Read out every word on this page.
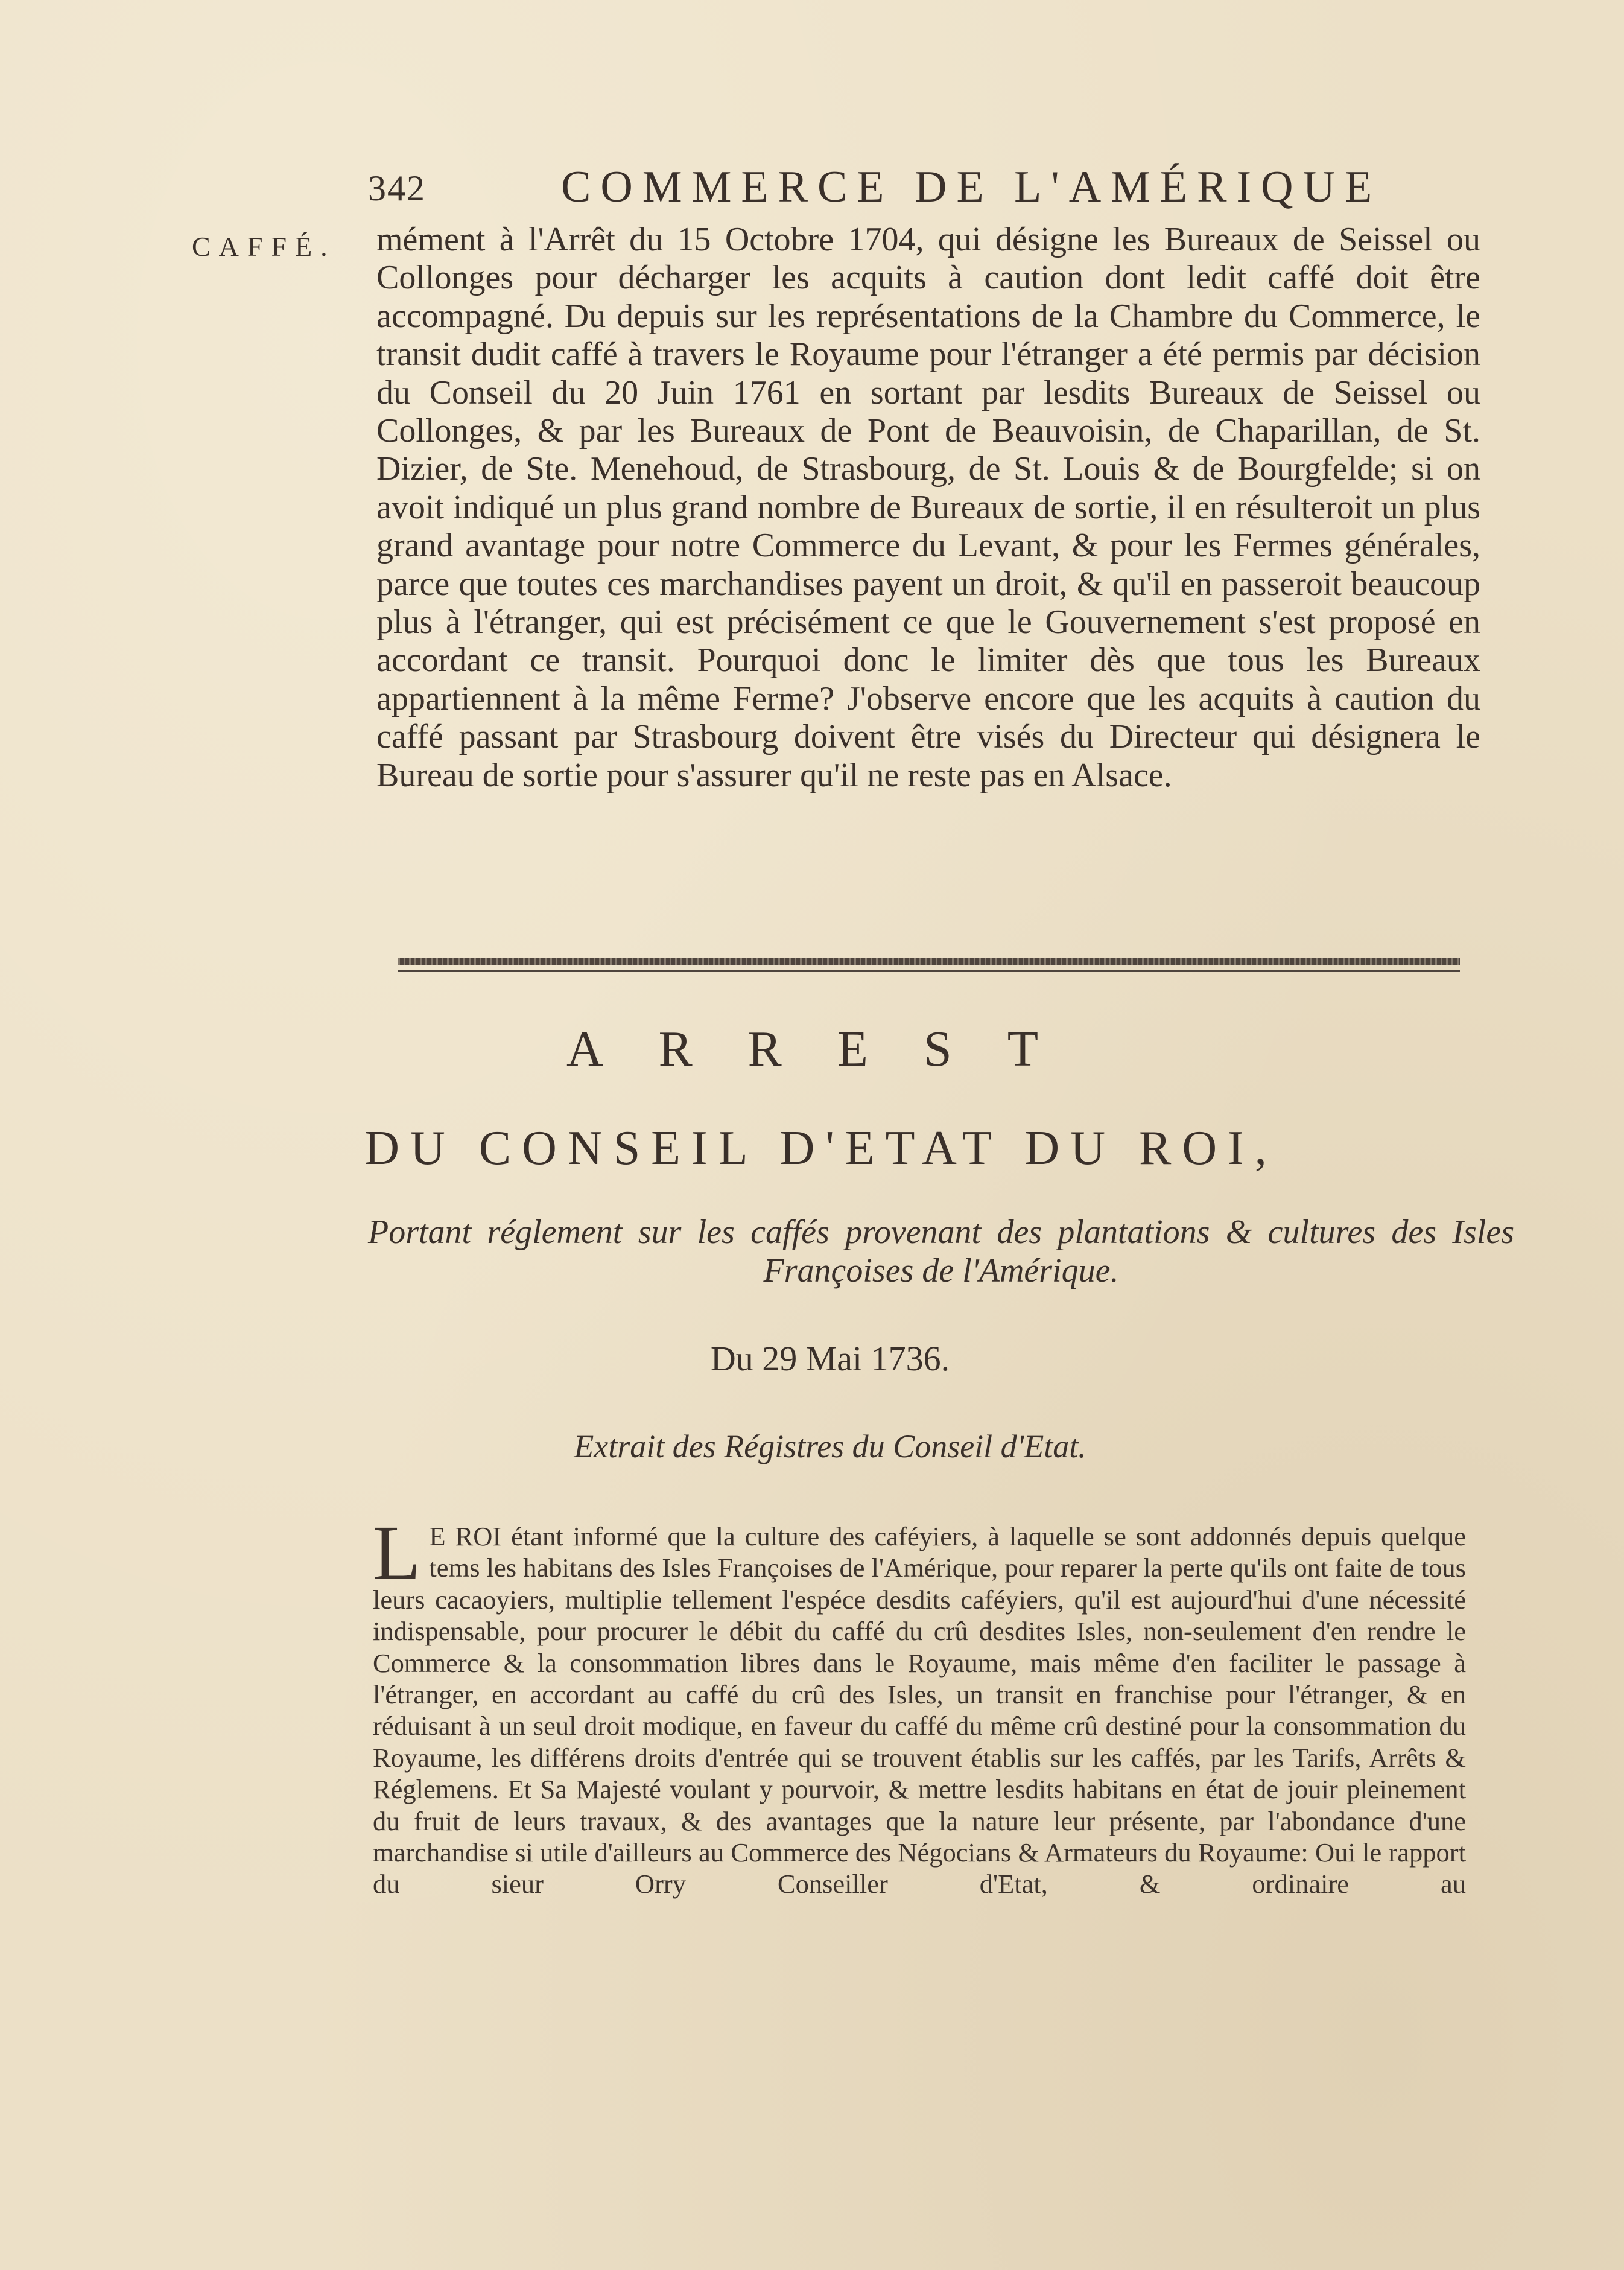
342	COMMERCE DE L'AMÉRIQUE
CAFFÉ. mément à l'Arrêt du 15 Octobre 1704, qui désigne les Bureaux de Seissel ou Collonges pour décharger les acquits à caution dont ledit caffé doit être accompagné. Du depuis sur les représentations de la Chambre du Commerce, le transit dudit caffé à travers le Royaume pour l'étranger a été permis par décision du Conseil du 20 Juin 1761 en sortant par lesdits Bureaux de Seissel ou Collonges, & par les Bureaux de Pont de Beauvoisin, de Chaparillan, de St. Dizier, de Ste. Menehoud, de Strasbourg, de St. Louis & de Bourgfelde; si on avoit indiqué un plus grand nombre de Bureaux de sortie, il en résulteroit un plus grand avantage pour notre Commerce du Levant, & pour les Fermes générales, parce que toutes ces marchandises payent un droit, & qu'il en passeroit beaucoup plus à l'étranger, qui est précisément ce que le Gouvernement s'est proposé en accordant ce transit. Pourquoi donc le limiter dès que tous les Bureaux appartiennent à la même Ferme? J'observe encore que les acquits à caution du caffé passant par Strasbourg doivent être visés du Directeur qui désignera le Bureau de sortie pour s'assurer qu'il ne reste pas en Alsace.

ARREST
DU CONSEIL D'ETAT DU ROI,

Portant réglement sur les caffés provenant des plantations & cultures des Isles Françoises de l'Amérique.

Du 29 Mai 1736.
Extrait des Régistres du Conseil d'Etat.

L E ROI étant informé que la culture des caféyiers, à laquelle se sont addonnés depuis quelque tems les habitans des Isles Françoises de l'Amérique, pour reparer la perte qu'ils ont faite de tous leurs cacaoyiers, multiplie tellement l'espéce desdits caféyiers, qu'il est aujourd'hui d'une nécessité indispensable, pour procurer le débit du caffé du crû desdites Isles, non-seulement d'en rendre le Commerce & la consommation libres dans le Royaume, mais même d'en faciliter le passage à l'étranger, en accordant au caffé du crû des Isles, un transit en franchise pour l'étranger, & en réduisant à un seul droit modique, en faveur du caffé du même crû destiné pour la consommation du Royaume, les différens droits d'entrée qui se trouvent établis sur les caffés, par les Tarifs, Arrêts & Réglemens. Et Sa Majesté voulant y pourvoir, & mettre lesdits habitans en état de jouir pleinement du fruit de leurs travaux, & des avantages que la nature leur présente, par l'abondance d'une marchandise si utile d'ailleurs au Commerce des Négocians & Armateurs du Royaume: Oui le rapport du sieur Orry Conseiller d'Etat, & ordinaire au
